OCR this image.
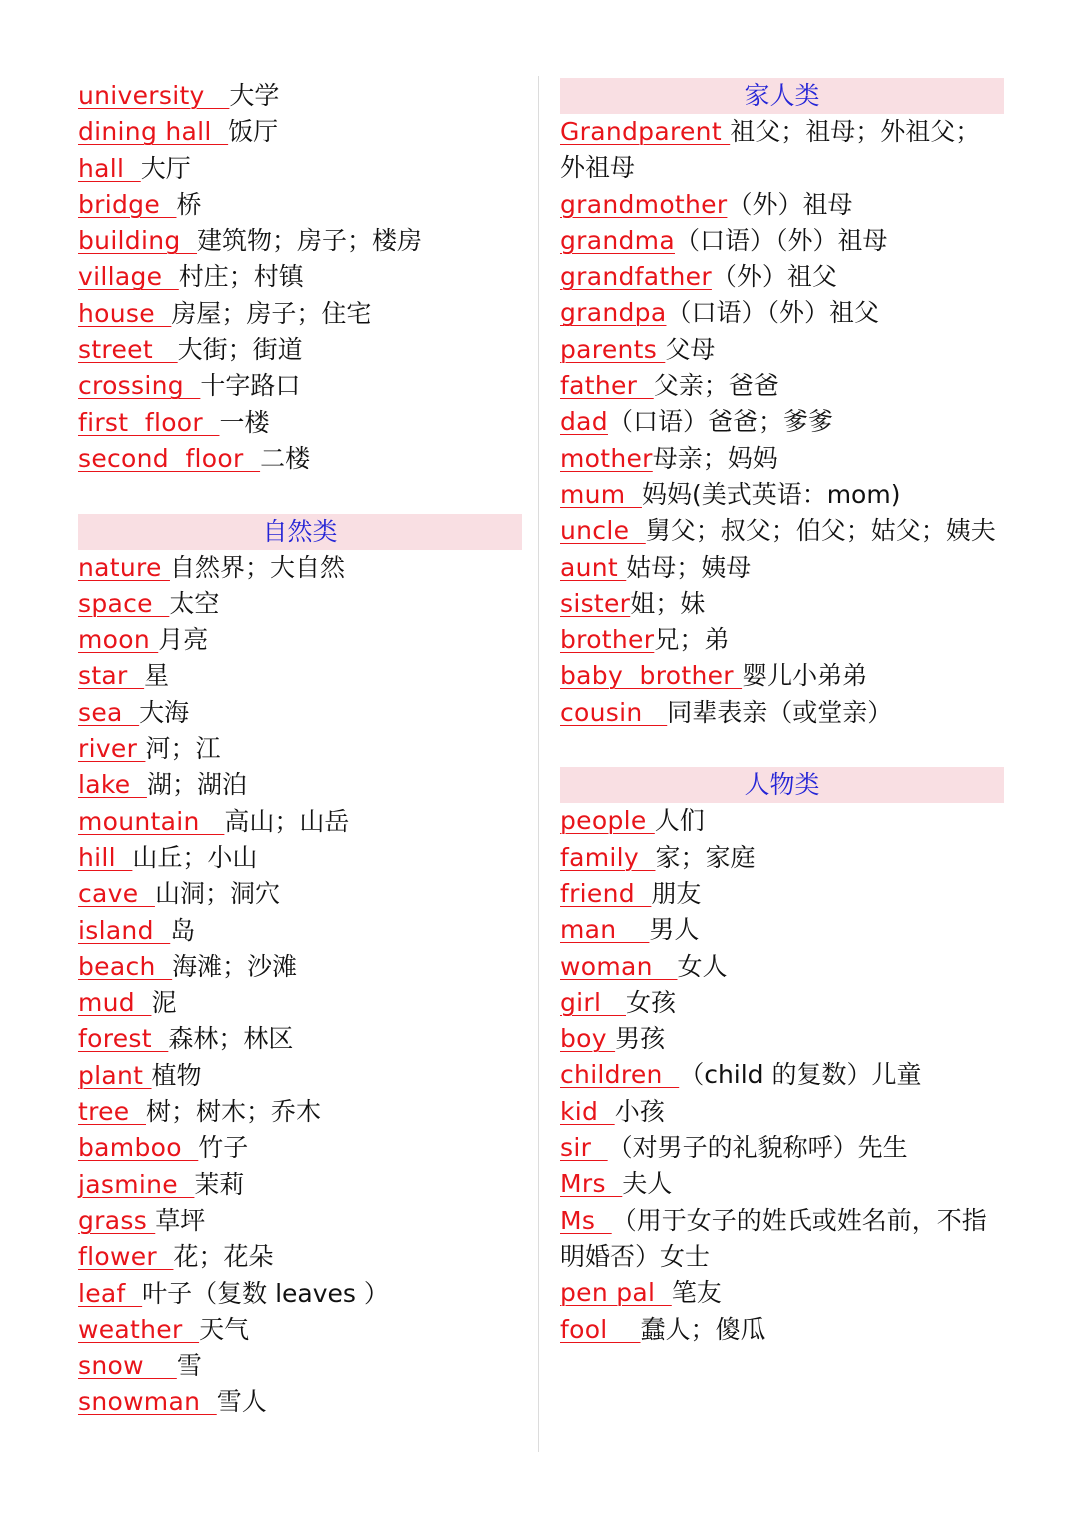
university   大学
dining hall  饭厅
hall  大厅
bridge  桥
building  建筑物；房子；楼房
village  村庄；村镇
house  房屋；房子；住宅
street   大街；街道
crossing  十字路口
first  floor  一楼
second  floor  二楼
自然类
nature 自然界；大自然
space  太空
moon 月亮
star  星
sea  大海
river 河；江
lake  湖；湖泊
mountain   高山；山岳
hill  山丘；小山
cave  山洞；洞穴
island  岛
beach  海滩；沙滩
mud  泥
forest  森林；林区
plant 植物
tree  树；树木；乔木
bamboo  竹子
jasmine  茉莉
grass 草坪
flower  花；花朵
leaf  叶子（复数 leaves ）
weather  天气
snow    雪
snowman  雪人
家人类
Grandparent 祖父；祖母；外祖父；外祖母
grandmother（外）祖母
grandma（口语）（外）祖母
grandfather（外）祖父
grandpa（口语）（外）祖父
parents 父母
father  父亲；爸爸
dad（口语）爸爸；爹爹
mother母亲；妈妈
mum  妈妈(美式英语：mom)
uncle  舅父；叔父；伯父；姑父；姨夫
aunt 姑母；姨母
sister姐；妹
brother兄；弟
baby  brother 婴儿小弟弟
cousin   同辈表亲（或堂亲）
人物类
people 人们
family  家；家庭
friend  朋友
man    男人
woman   女人
girl   女孩
boy 男孩
children  （child 的复数）儿童
kid  小孩
sir  （对男子的礼貌称呼）先生
Mrs  夫人
Ms  （用于女子的姓氏或姓名前，不指明婚否）女士
pen pal  笔友
fool    蠢人；傻瓜
